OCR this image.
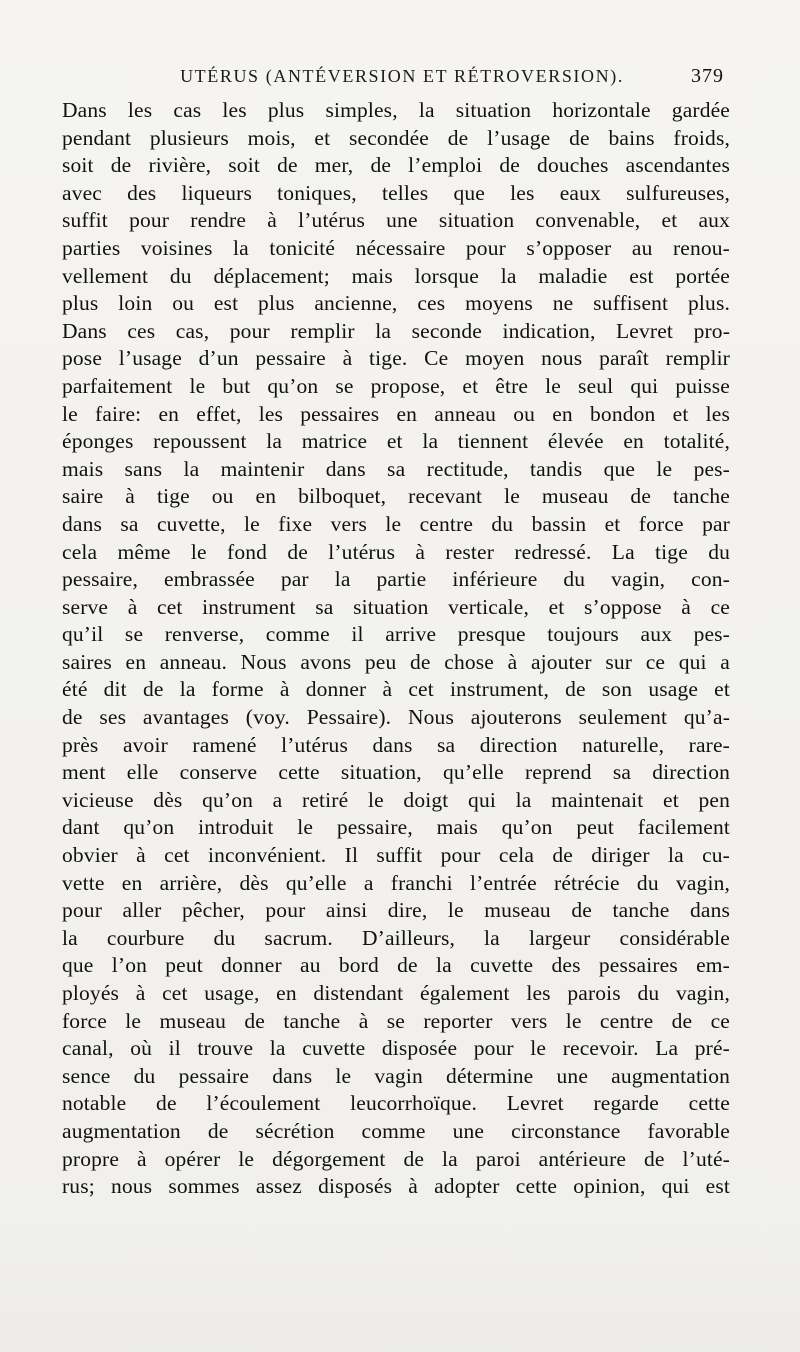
UTÉRUS (ANTÉVERSION ET RÉTROVERSION).	379
Dans les cas les plus simples, la situation horizontale gardée
pendant plusieurs mois, et secondée de l’usage de bains froids,
soit de rivière, soit de mer, de l’emploi de douches ascendantes
avec des liqueurs toniques, telles que les eaux sulfureuses,
suffit pour rendre à l’utérus une situation convenable, et aux
parties voisines la tonicité nécessaire pour s’opposer au renou-
vellement du déplacement; mais lorsque la maladie est portée
plus loin ou est plus ancienne, ces moyens ne suffisent plus.
Dans ces cas, pour remplir la seconde indication, Levret pro-
pose l’usage d’un pessaire à tige. Ce moyen nous paraît remplir
parfaitement le but qu’on se propose, et être le seul qui puisse
le faire: en effet, les pessaires en anneau ou en bondon et les
éponges repoussent la matrice et la tiennent élevée en totalité,
mais sans la maintenir dans sa rectitude, tandis que le pes-
saire à tige ou en bilboquet, recevant le museau de tanche
dans sa cuvette, le fixe vers le centre du bassin et force par
cela même le fond de l’utérus à rester redressé. La tige du
pessaire, embrassée par la partie inférieure du vagin, con-
serve à cet instrument sa situation verticale, et s’oppose à ce
qu’il se renverse, comme il arrive presque toujours aux pes-
saires en anneau. Nous avons peu de chose à ajouter sur ce qui a
été dit de la forme à donner à cet instrument, de son usage et
de ses avantages (voy. Pessaire). Nous ajouterons seulement qu’a-
près avoir ramené l’utérus dans sa direction naturelle, rare-
ment elle conserve cette situation, qu’elle reprend sa direction
vicieuse dès qu’on a retiré le doigt qui la maintenait et pen
dant qu’on introduit le pessaire, mais qu’on peut facilement
obvier à cet inconvénient. Il suffit pour cela de diriger la cu-
vette en arrière, dès qu’elle a franchi l’entrée rétrécie du vagin,
pour aller pêcher, pour ainsi dire, le museau de tanche dans
la courbure du sacrum. D’ailleurs, la largeur considérable
que l’on peut donner au bord de la cuvette des pessaires em-
ployés à cet usage, en distendant également les parois du vagin,
force le museau de tanche à se reporter vers le centre de ce
canal, où il trouve la cuvette disposée pour le recevoir. La pré-
sence du pessaire dans le vagin détermine une augmentation
notable de l’écoulement leucorrhoïque. Levret regarde cette
augmentation de sécrétion comme une circonstance favorable
propre à opérer le dégorgement de la paroi antérieure de l’uté-
rus; nous sommes assez disposés à adopter cette opinion, qui est
